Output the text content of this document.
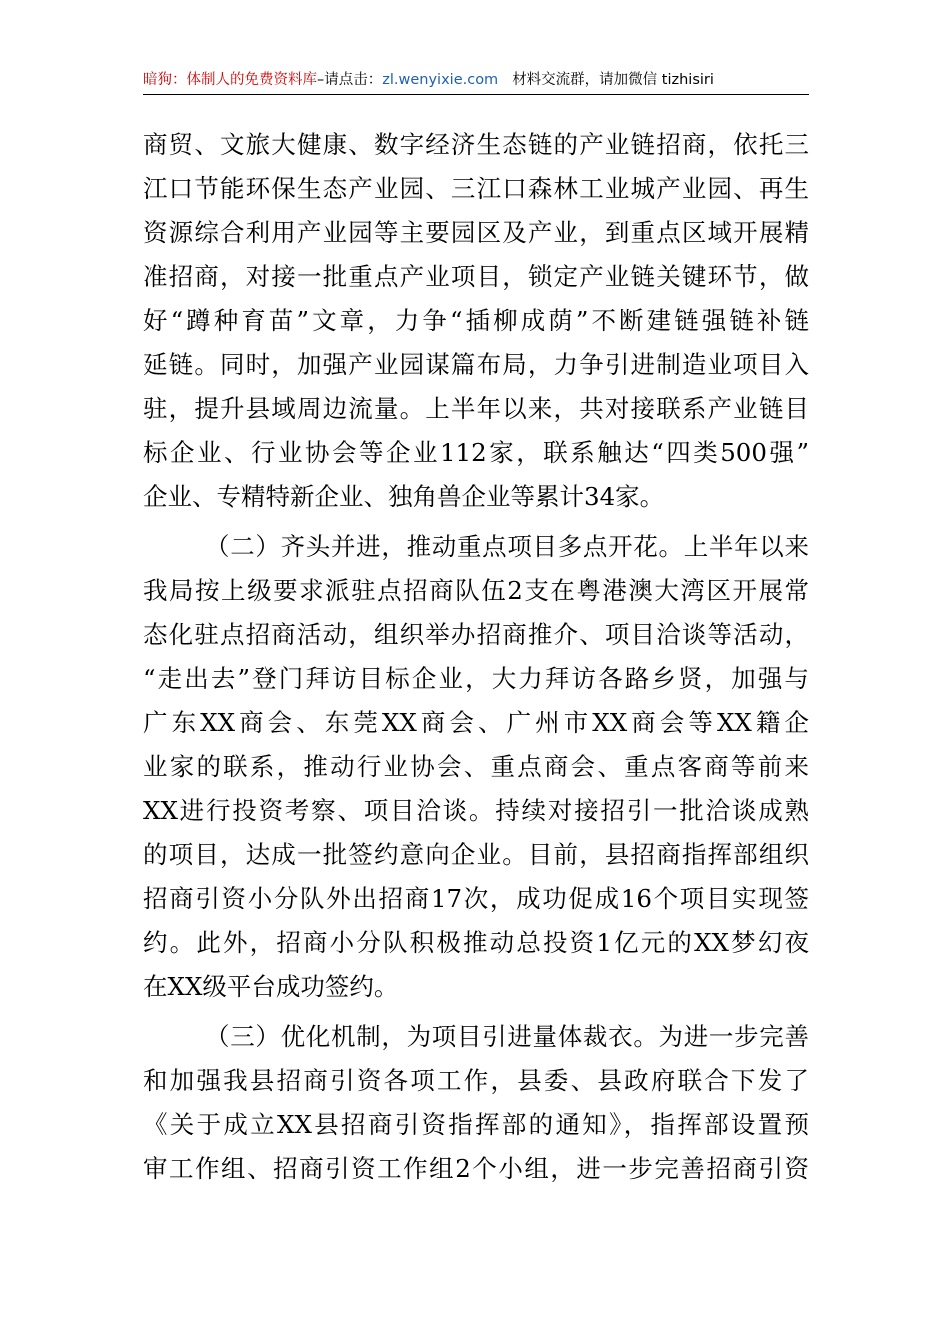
暗狗：体制人的免费资料库–请点击：zl.wenyixie.com 材料交流群，请加微信 tizhisiri
商贸、文旅大健康、数字经济生态链的产业链招商，依托三
江口节能环保生态产业园、三江口森林工业城产业园、再生
资源综合利用产业园等主要园区及产业，到重点区域开展精
准招商，对接一批重点产业项目，锁定产业链关键环节，做
好“蹲种育苗”文章，力争“插柳成荫”不断建链强链补链
延链。同时，加强产业园谋篇布局，力争引进制造业项目入
驻，提升县域周边流量。上半年以来，共对接联系产业链目
标企业、行业协会等企业112家，联系触达“四类500强”
企业、专精特新企业、独角兽企业等累计34家。
（二）齐头并进，推动重点项目多点开花。上半年以来
我局按上级要求派驻点招商队伍2支在粤港澳大湾区开展常
态化驻点招商活动，组织举办招商推介、项目洽谈等活动，
“走出去”登门拜访目标企业，大力拜访各路乡贤，加强与
广东XX商会、东莞XX商会、广州市XX商会等XX籍企
业家的联系，推动行业协会、重点商会、重点客商等前来
XX进行投资考察、项目洽谈。持续对接招引一批洽谈成熟
的项目，达成一批签约意向企业。目前，县招商指挥部组织
招商引资小分队外出招商17次，成功促成16个项目实现签
约。此外，招商小分队积极推动总投资1亿元的XX梦幻夜
在XX级平台成功签约。
（三）优化机制，为项目引进量体裁衣。为进一步完善
和加强我县招商引资各项工作，县委、县政府联合下发了
《关于成立XX县招商引资指挥部的通知》，指挥部设置预
审工作组、招商引资工作组2个小组，进一步完善招商引资
